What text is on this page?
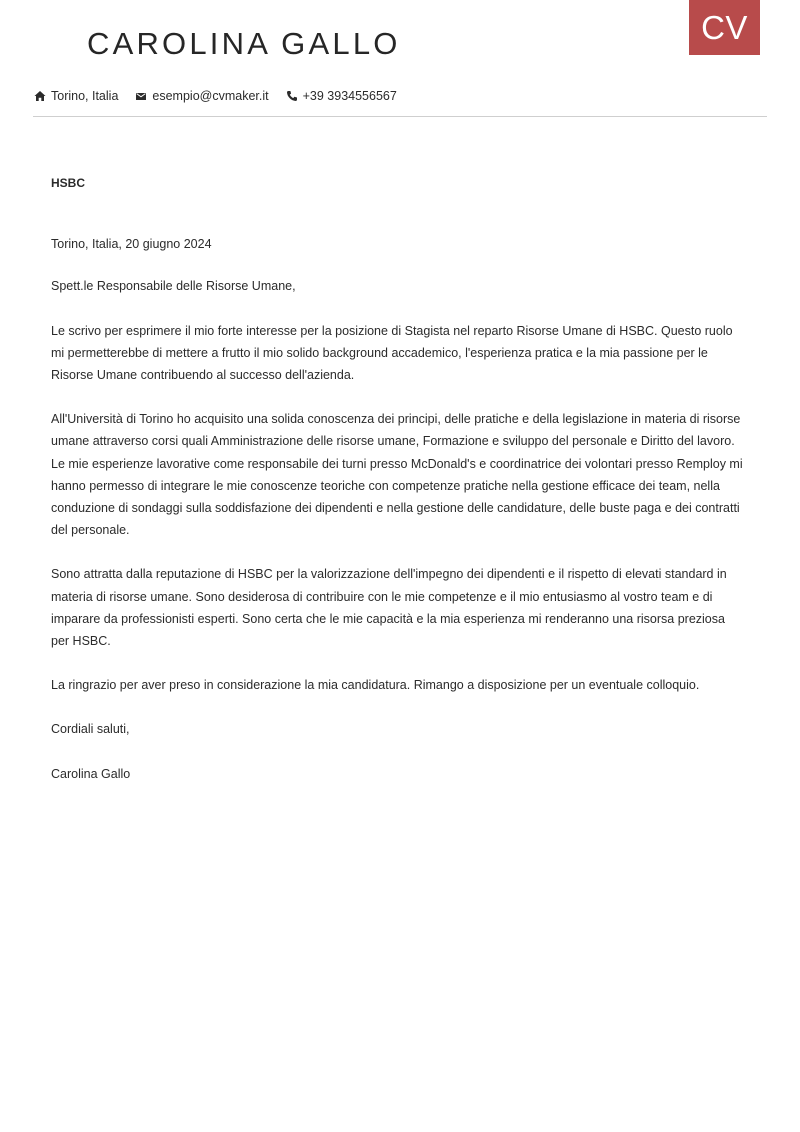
CAROLINA GALLO	CV
Torino, Italia	esempio@cvmaker.it	+39 3934556567

HSBC

Torino, Italia, 20 giugno 2024

Spett.le Responsabile delle Risorse Umane,

Le scrivo per esprimere il mio forte interesse per la posizione di Stagista nel reparto Risorse Umane di HSBC. Questo ruolo mi permetterebbe di mettere a frutto il mio solido background accademico, l'esperienza pratica e la mia passione per le Risorse Umane contribuendo al successo dell'azienda.

All'Università di Torino ho acquisito una solida conoscenza dei principi, delle pratiche e della legislazione in materia di risorse umane attraverso corsi quali Amministrazione delle risorse umane, Formazione e sviluppo del personale e Diritto del lavoro. Le mie esperienze lavorative come responsabile dei turni presso McDonald's e coordinatrice dei volontari presso Remploy mi hanno permesso di integrare le mie conoscenze teoriche con competenze pratiche nella gestione efficace dei team, nella conduzione di sondaggi sulla soddisfazione dei dipendenti e nella gestione delle candidature, delle buste paga e dei contratti del personale.

Sono attratta dalla reputazione di HSBC per la valorizzazione dell'impegno dei dipendenti e il rispetto di elevati standard in materia di risorse umane. Sono desiderosa di contribuire con le mie competenze e il mio entusiasmo al vostro team e di imparare da professionisti esperti. Sono certa che le mie capacità e la mia esperienza mi renderanno una risorsa preziosa per HSBC.

La ringrazio per aver preso in considerazione la mia candidatura. Rimango a disposizione per un eventuale colloquio.

Cordiali saluti,

Carolina Gallo
